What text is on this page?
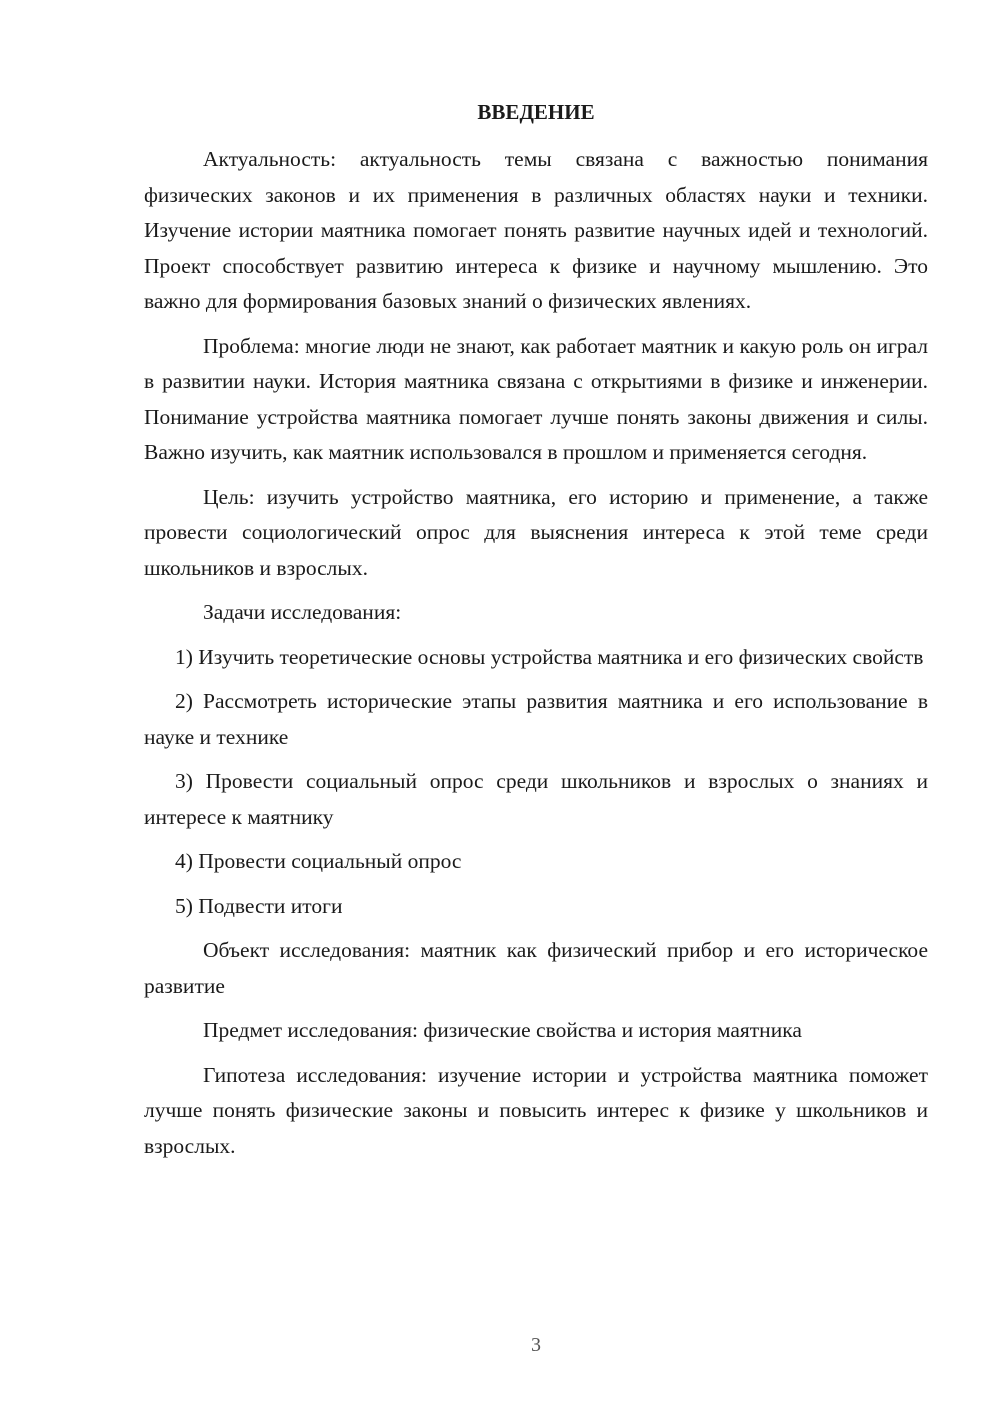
ВВЕДЕНИЕ

Актуальность: актуальность темы связана с важностью понимания физических законов и их применения в различных областях науки и техники. Изучение истории маятника помогает понять развитие научных идей и технологий. Проект способствует развитию интереса к физике и научному мышлению. Это важно для формирования базовых знаний о физических явлениях.

Проблема: многие люди не знают, как работает маятник и какую роль он играл в развитии науки. История маятника связана с открытиями в физике и инженерии. Понимание устройства маятника помогает лучше понять законы движения и силы. Важно изучить, как маятник использовался в прошлом и применяется сегодня.

Цель: изучить устройство маятника, его историю и применение, а также провести социологический опрос для выяснения интереса к этой теме среди школьников и взрослых.

Задачи исследования:

1) Изучить теоретические основы устройства маятника и его физических свойств

2) Рассмотреть исторические этапы развития маятника и его использование в науке и технике

3) Провести социальный опрос среди школьников и взрослых о знаниях и интересе к маятнику

4) Провести социальный опрос

5) Подвести итоги

Объект исследования: маятник как физический прибор и его историческое развитие

Предмет исследования: физические свойства и история маятника

Гипотеза исследования: изучение истории и устройства маятника поможет лучше понять физические законы и повысить интерес к физике у школьников и взрослых.

3
